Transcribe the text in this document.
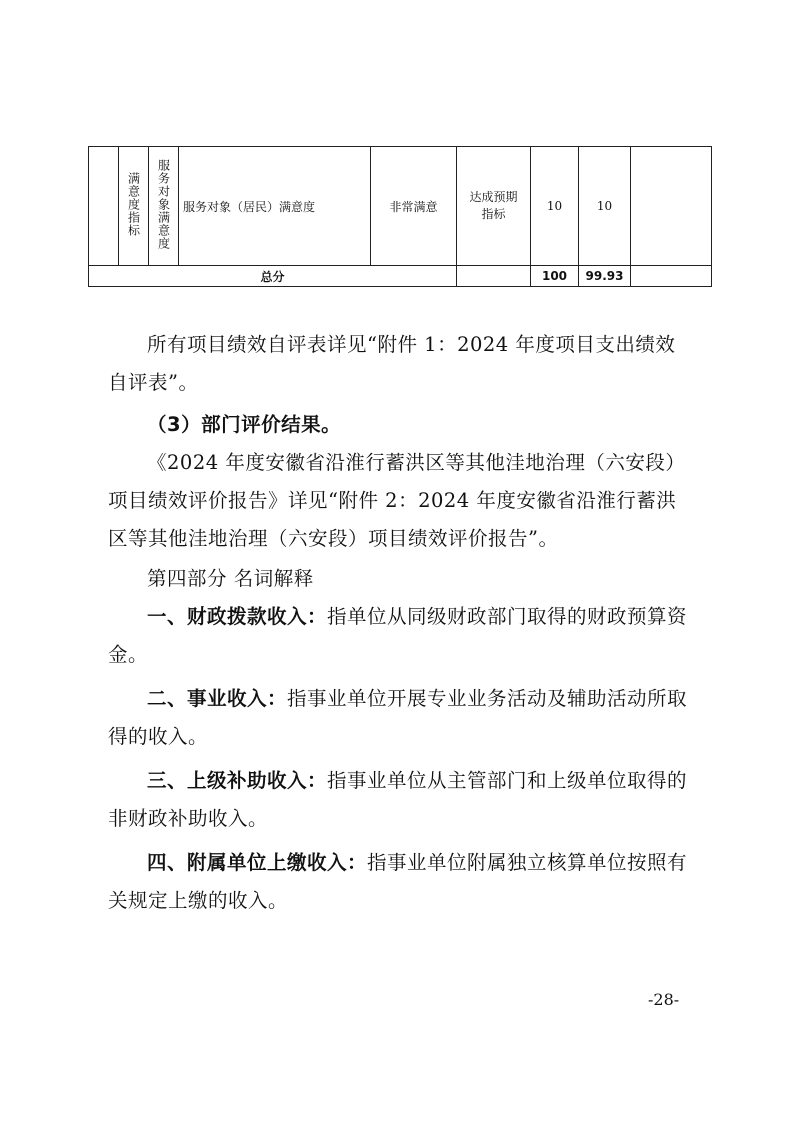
	满意度指标	服务对象满意度	服务对象（居民）满意度	非常满意	达成预期指标	10	10	
总分						100	99.93	

所有项目绩效自评表详见“附件 1：2024 年度项目支出绩效自评表”。

（3）部门评价结果。

《2024 年度安徽省沿淮行蓄洪区等其他洼地治理（六安段）项目绩效评价报告》详见“附件 2：2024 年度安徽省沿淮行蓄洪区等其他洼地治理（六安段）项目绩效评价报告”。

第四部分 名词解释

一、财政拨款收入：指单位从同级财政部门取得的财政预算资金。

二、事业收入：指事业单位开展专业业务活动及辅助活动所取得的收入。

三、上级补助收入：指事业单位从主管部门和上级单位取得的非财政补助收入。

四、附属单位上缴收入：指事业单位附属独立核算单位按照有关规定上缴的收入。

-28-
